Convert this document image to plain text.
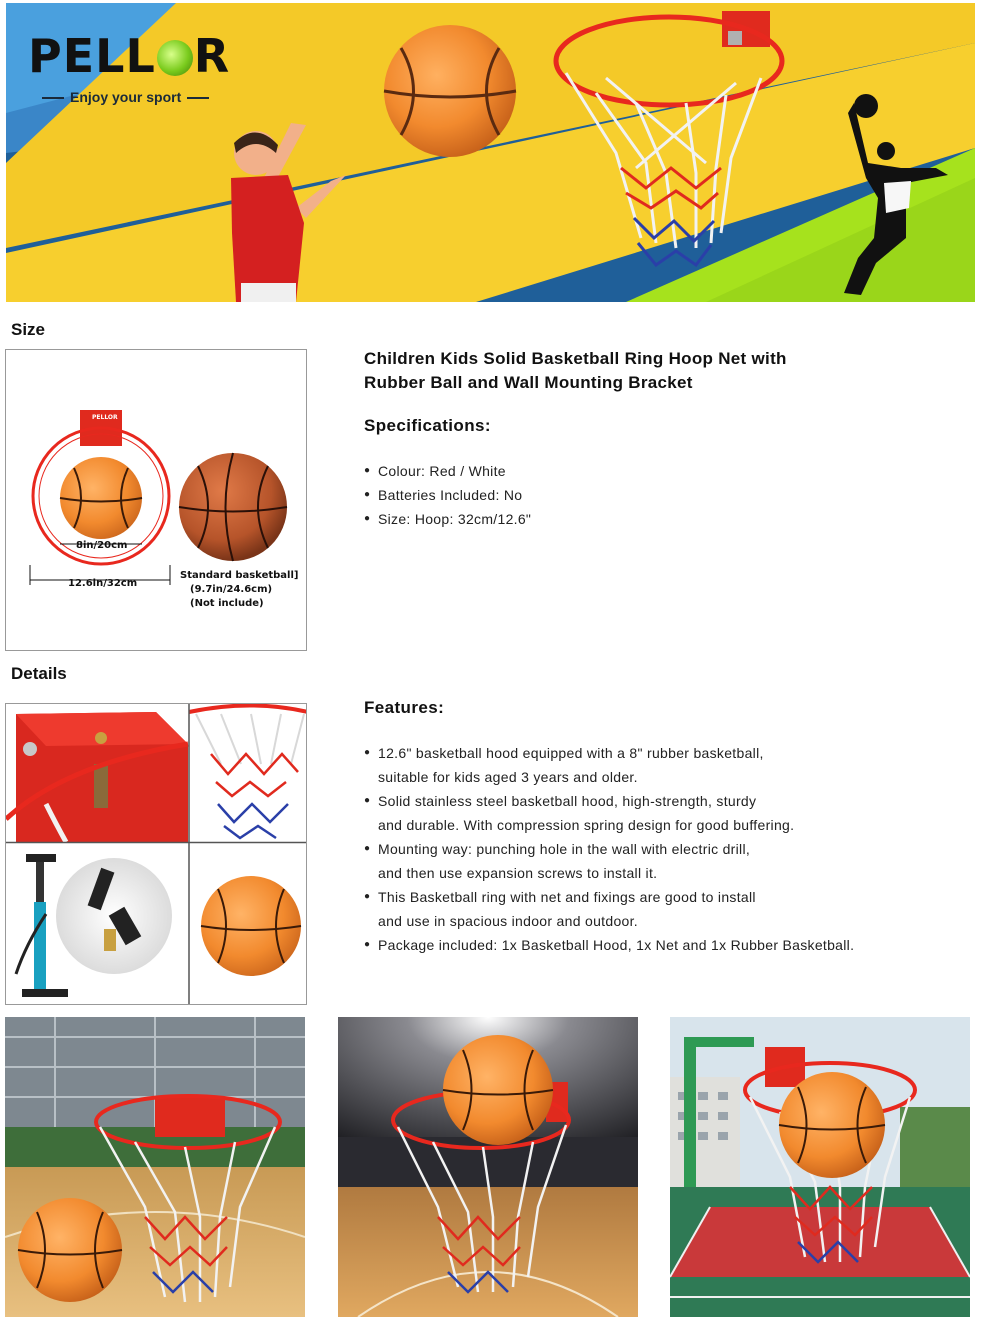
PELL R
Enjoy your sport
Size
PELLOR
8in/20cm
12.6in/32cm
Standard basketball]
(9.7in/24.6cm)
(Not include)
Children Kids Solid Basketball Ring Hoop Net with
Rubber Ball and Wall Mounting Bracket
Specifications:
● Colour: Red / White
● Batteries Included: No
● Size: Hoop: 32cm/12.6"
Details
Features:
● 12.6" basketball hood equipped with a 8" rubber basketball,
suitable for kids aged 3 years and older.
● Solid stainless steel basketball hood, high-strength, sturdy
and durable. With compression spring design for good buffering.
● Mounting way: punching hole in the wall with electric drill,
and then use expansion screws to install it.
● This Basketball ring with net and fixings are good to install
and use in spacious indoor and outdoor.
● Package included: 1x Basketball Hood, 1x Net and 1x Rubber Basketball.
